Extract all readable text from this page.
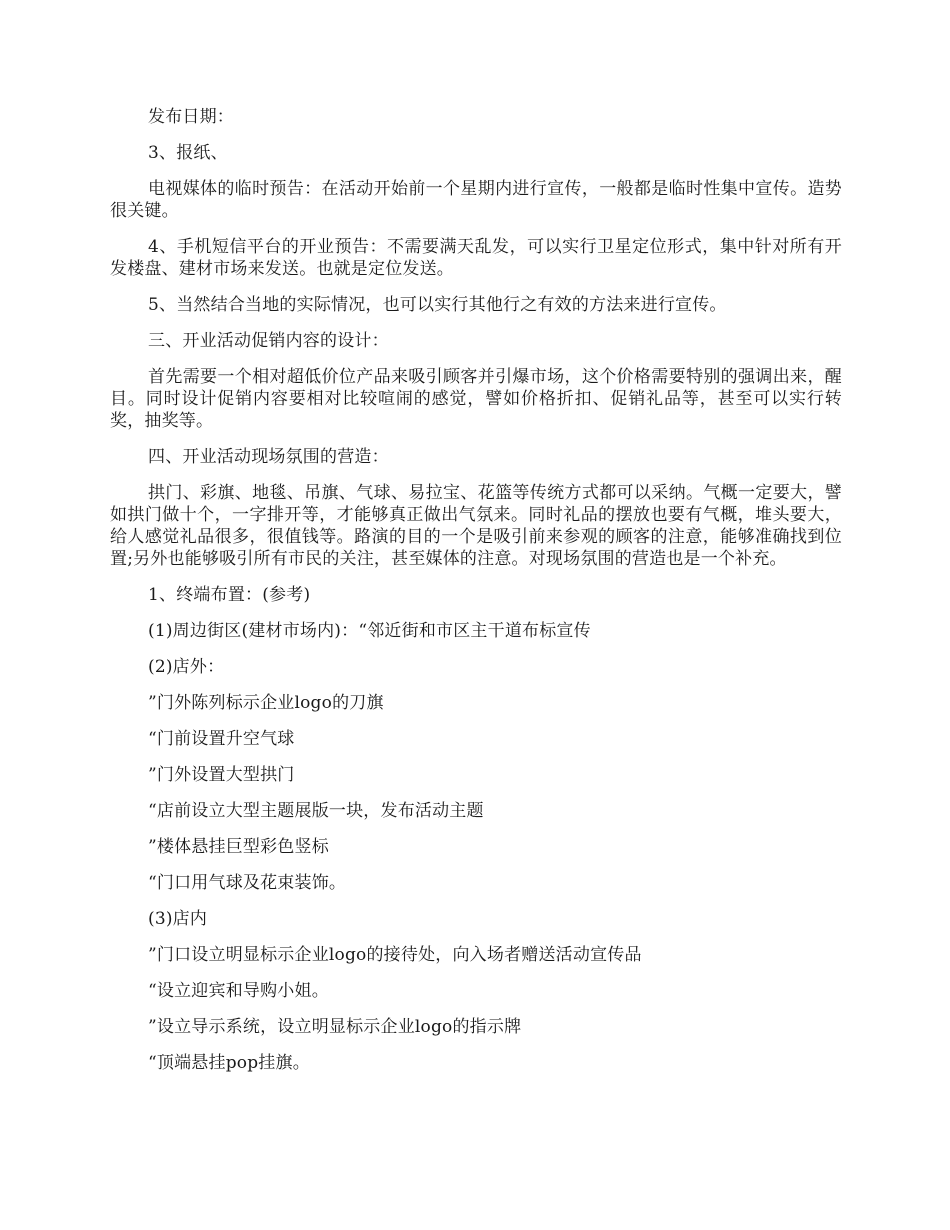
发布日期：

3、报纸、

电视媒体的临时预告：在活动开始前一个星期内进行宣传，一般都是临时性集中宣传。造势很关键。

4、手机短信平台的开业预告：不需要满天乱发，可以实行卫星定位形式，集中针对所有开发楼盘、建材市场来发送。也就是定位发送。

5、当然结合当地的实际情况，也可以实行其他行之有效的方法来进行宣传。

三、开业活动促销内容的设计：

首先需要一个相对超低价位产品来吸引顾客并引爆市场，这个价格需要特别的强调出来，醒目。同时设计促销内容要相对比较喧闹的感觉，譬如价格折扣、促销礼品等，甚至可以实行转奖，抽奖等。

四、开业活动现场氛围的营造：

拱门、彩旗、地毯、吊旗、气球、易拉宝、花篮等传统方式都可以采纳。气概一定要大，譬如拱门做十个，一字排开等，才能够真正做出气氛来。同时礼品的摆放也要有气概，堆头要大，给人感觉礼品很多，很值钱等。路演的目的一个是吸引前来参观的顾客的注意，能够准确找到位置;另外也能够吸引所有市民的关注，甚至媒体的注意。对现场氛围的营造也是一个补充。

1、终端布置：(参考)

(1)周边街区(建材市场内)：“邻近街和市区主干道布标宣传

(2)店外：

”门外陈列标示企业logo的刀旗

“门前设置升空气球

”门外设置大型拱门

“店前设立大型主题展版一块，发布活动主题

”楼体悬挂巨型彩色竖标

“门口用气球及花束装饰。

(3)店内

”门口设立明显标示企业logo的接待处，向入场者赠送活动宣传品

“设立迎宾和导购小姐。

”设立导示系统，设立明显标示企业logo的指示牌

“顶端悬挂pop挂旗。
